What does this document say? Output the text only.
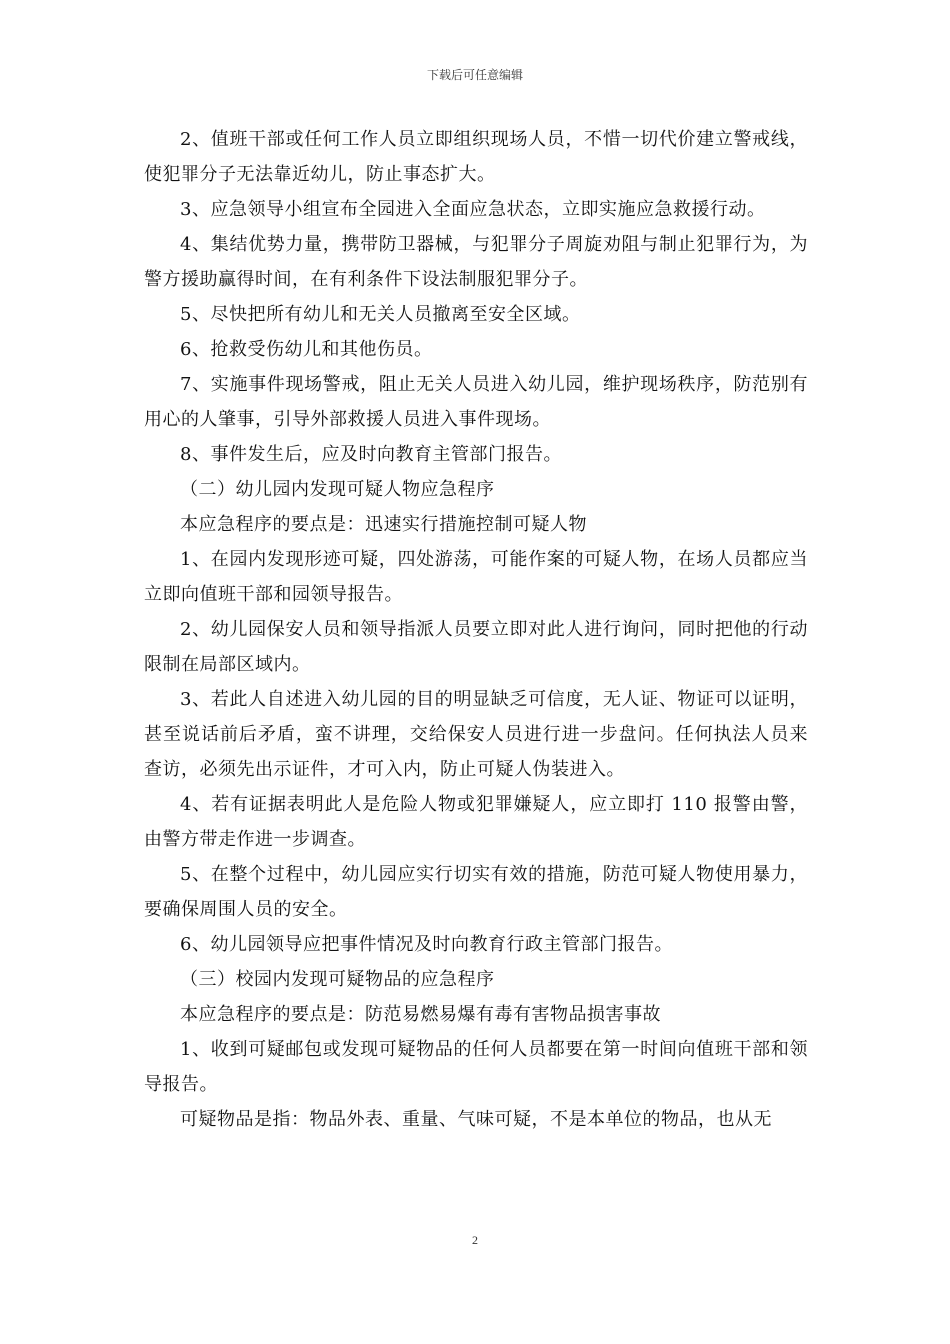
下载后可任意编辑

2、值班干部或任何工作人员立即组织现场人员，不惜一切代价建立警戒线，使犯罪分子无法靠近幼儿，防止事态扩大。

3、应急领导小组宣布全园进入全面应急状态，立即实施应急救援行动。

4、集结优势力量，携带防卫器械，与犯罪分子周旋劝阻与制止犯罪行为，为警方援助赢得时间，在有利条件下设法制服犯罪分子。

5、尽快把所有幼儿和无关人员撤离至安全区域。

6、抢救受伤幼儿和其他伤员。

7、实施事件现场警戒，阻止无关人员进入幼儿园，维护现场秩序，防范别有用心的人肇事，引导外部救援人员进入事件现场。

8、事件发生后，应及时向教育主管部门报告。

（二）幼儿园内发现可疑人物应急程序

本应急程序的要点是：迅速实行措施控制可疑人物

1、在园内发现形迹可疑，四处游荡，可能作案的可疑人物，在场人员都应当立即向值班干部和园领导报告。

2、幼儿园保安人员和领导指派人员要立即对此人进行询问，同时把他的行动限制在局部区域内。

3、若此人自述进入幼儿园的目的明显缺乏可信度，无人证、物证可以证明，甚至说话前后矛盾，蛮不讲理，交给保安人员进行进一步盘问。任何执法人员来查访，必须先出示证件，才可入内，防止可疑人伪装进入。

4、若有证据表明此人是危险人物或犯罪嫌疑人，应立即打 110 报警由警，由警方带走作进一步调查。

5、在整个过程中，幼儿园应实行切实有效的措施，防范可疑人物使用暴力，要确保周围人员的安全。

6、幼儿园领导应把事件情况及时向教育行政主管部门报告。

（三）校园内发现可疑物品的应急程序

本应急程序的要点是：防范易燃易爆有毒有害物品损害事故

1、收到可疑邮包或发现可疑物品的任何人员都要在第一时间向值班干部和领导报告。

可疑物品是指：物品外表、重量、气味可疑，不是本单位的物品，也从无

2
